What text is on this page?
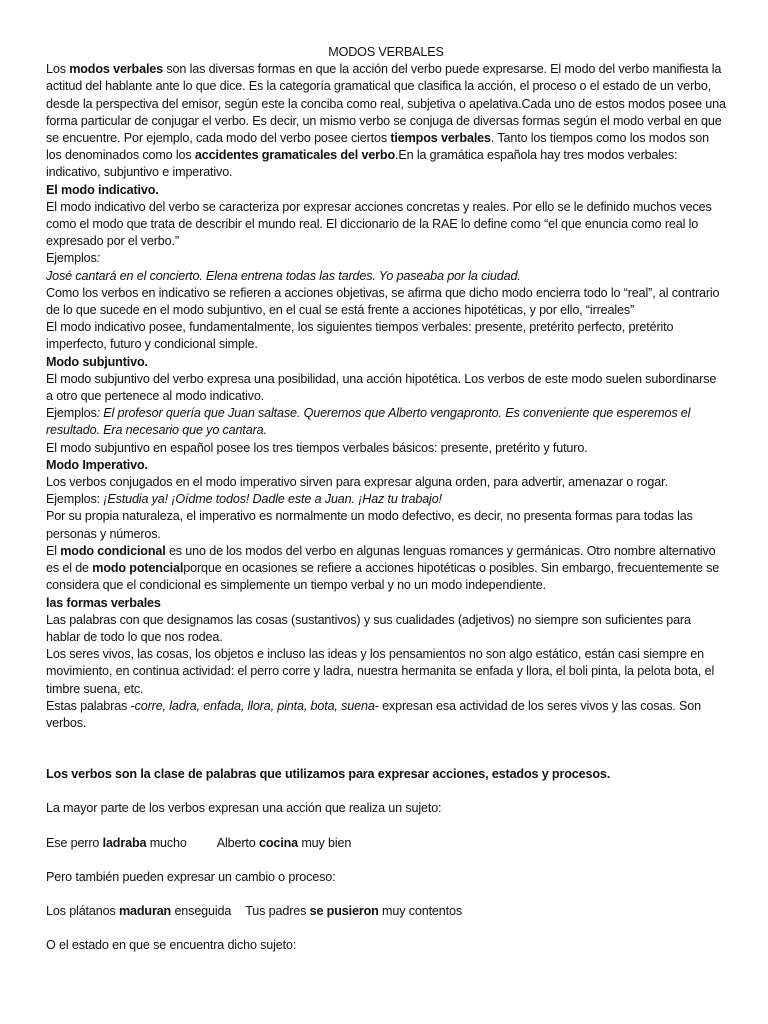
MODOS VERBALES

Los modos verbales son las diversas formas en que la acción del verbo puede expresarse. El modo del verbo manifiesta la actitud del hablante ante lo que dice. Es la categoría gramatical que clasifica la acción, el proceso o el estado de un verbo, desde la perspectiva del emisor, según este la conciba como real, subjetiva o apelativa.Cada uno de estos modos posee una forma particular de conjugar el verbo. Es decir, un mismo verbo se conjuga de diversas formas según el modo verbal en que se encuentre. Por ejemplo, cada modo del verbo posee ciertos tiempos verbales. Tanto los tiempos como los modos son los denominados como los accidentes gramaticales del verbo.En la gramática española hay tres modos verbales: indicativo, subjuntivo e imperativo.

El modo indicativo.

El modo indicativo del verbo se caracteriza por expresar acciones concretas y reales. Por ello se le definido muchos veces como el modo que trata de describir el mundo real. El diccionario de la RAE lo define como “el que enuncia como real lo expresado por el verbo.”

Ejemplos:

José cantará en el concierto. Elena entrena todas las tardes. Yo paseaba por la ciudad.

Como los verbos en indicativo se refieren a acciones objetivas, se afirma que dicho modo encierra todo lo “real”, al contrario de lo que sucede en el modo subjuntivo, en el cual se está frente a acciones hipotéticas, y por ello, “irreales”

El modo indicativo posee, fundamentalmente, los siguientes tiempos verbales: presente, pretérito perfecto, pretérito imperfecto, futuro y condicional simple.

Modo subjuntivo.

El modo subjuntivo del verbo expresa una posibilidad, una acción hipotética. Los verbos de este modo suelen subordinarse a otro que pertenece al modo indicativo.

Ejemplos: El profesor quería que Juan saltase. Queremos que Alberto vengapronto. Es conveniente que esperemos el resultado. Era necesario que yo cantara.

El modo subjuntivo en español posee los tres tiempos verbales básicos: presente, pretérito y futuro.

Modo Imperativo.

Los verbos conjugados en el modo imperativo sirven para expresar alguna orden, para advertir, amenazar o rogar.

Ejemplos: ¡Estudia ya! ¡Oídme todos! Dadle este a Juan. ¡Haz tu trabajo!

Por su propia naturaleza, el imperativo es normalmente un modo defectivo, es decir, no presenta formas para todas las personas y números.

El modo condicional es uno de los modos del verbo en algunas lenguas romances y germánicas. Otro nombre alternativo es el de modo potencialporque en ocasiones se refiere a acciones hipotéticas o posibles. Sin embargo, frecuentemente se considera que el condicional es simplemente un tiempo verbal y no un modo independiente.

las formas verbales

Las palabras con que designamos las cosas (sustantivos) y sus cualidades (adjetivos) no siempre son suficientes para hablar de todo lo que nos rodea.

Los seres vivos, las cosas, los objetos e incluso las ideas y los pensamientos no son algo estático, están casi siempre en movimiento, en continua actividad: el perro corre y ladra, nuestra hermanita se enfada y llora, el boli pinta, la pelota bota, el timbre suena, etc.

Estas palabras -corre, ladra, enfada, llora, pinta, bota, suena- expresan esa actividad de los seres vivos y las cosas. Son verbos.

Los verbos son la clase de palabras que utilizamos para expresar acciones, estados y procesos.

La mayor parte de los verbos expresan una acción que realiza un sujeto:

Ese perro ladraba mucho Alberto cocina muy bien

Pero también pueden expresar un cambio o proceso:

Los plátanos maduran enseguida Tus padres se pusieron muy contentos

O el estado en que se encuentra dicho sujeto:
